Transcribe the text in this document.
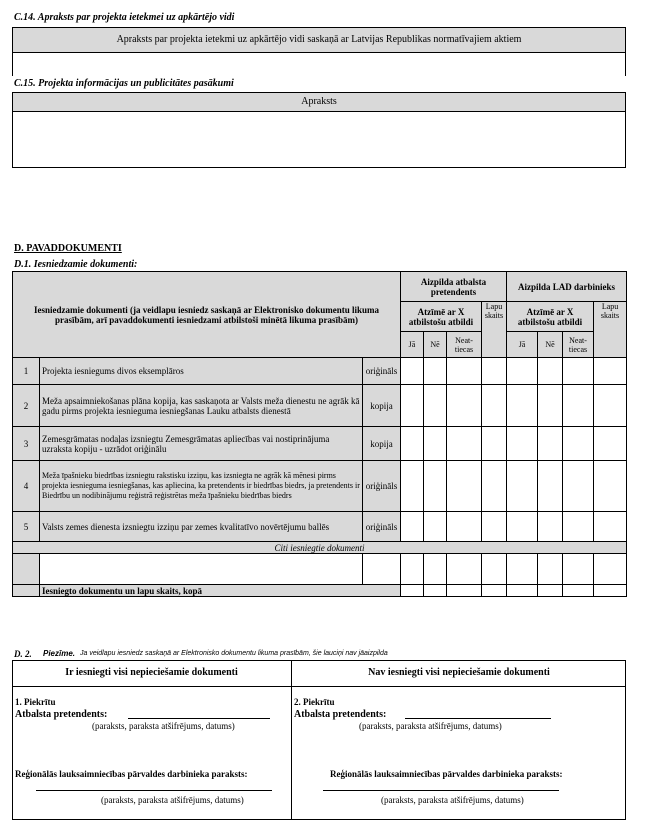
C.14. Apraksts par projekta ietekmei uz apkārtējo vidi
Apraksts par projekta ietekmi uz apkārtējo vidi saskaņā ar Latvijas Republikas normatīvajiem aktiem
C.15. Projekta informācijas un publicitātes pasākumi
Apraksts
D. PAVADDOKUMENTI
D.1. Iesniedzamie dokumenti:
Iesniedzamie dokumenti (ja veidlapu iesniedz saskaņā ar Elektronisko dokumentu likuma prasībām, arī pavaddokumenti iesniedzami atbilstoši minētā likuma prasībām)			Aizpilda atbalsta pretendents				Aizpilda LAD darbinieks			
			Atzīmē ar X atbilstošu atbildi			Lapu skaits	Atzīmē ar X atbilstošu atbildi			Lapu skaits
			Jā	Nē	Neat-tiecas		Jā	Nē	Neat-tiecas	
1	Projekta iesniegums divos eksemplāros	oriģināls								
2	Meža apsaimniekošanas plāna kopija, kas saskaņota ar Valsts meža dienestu ne agrāk kā gadu pirms projekta iesnieguma iesniegšanas Lauku atbalsts dienestā	kopija								
3	Zemesgrāmatas nodaļas izsniegtu Zemesgrāmatas apliecības vai nostiprinājuma uzraksta kopiju - uzrādot oriģinālu	kopija								
4	Meža īpašnieku biedrības izsniegtu rakstisku izziņu, kas izsniegta ne agrāk kā mēnesi pirms projekta iesnieguma iesniegšanas, kas apliecina, ka pretendents ir biedrības biedrs, ja pretendents ir Biedrību un nodibinājumu reģistrā reģistrētas meža īpašnieku biedrības biedrs	oriģināls								
5	Valsts zemes dienesta izsniegtu izziņu par zemes kvalitatīvo novērtējumu ballēs	oriģināls								
Citi iesniegtie dokumenti										

	Iesniegto dokumentu un lapu skaits, kopā									
D. 2. Piezīme. Ja veidlapu iesniedz saskaņā ar Elektronisko dokumentu likuma prasībām, šie lauciņi nav jāaizpilda
Ir iesniegti visi nepieciešamie dokumenti
1. Piekrītu
Atbalsta pretendents:
(paraksts, paraksta atšifrējums, datums)
Reģionālās lauksaimniecības pārvaldes darbinieka paraksts:
(paraksts, paraksta atšifrējums, datums)
Nav iesniegti visi nepieciešamie dokumenti
2. Piekrītu
Atbalsta pretendents:
(paraksts, paraksta atšifrējums, datums)
Reģionālās lauksaimniecības pārvaldes darbinieka paraksts:
(paraksts, paraksta atšifrējums, datums)
